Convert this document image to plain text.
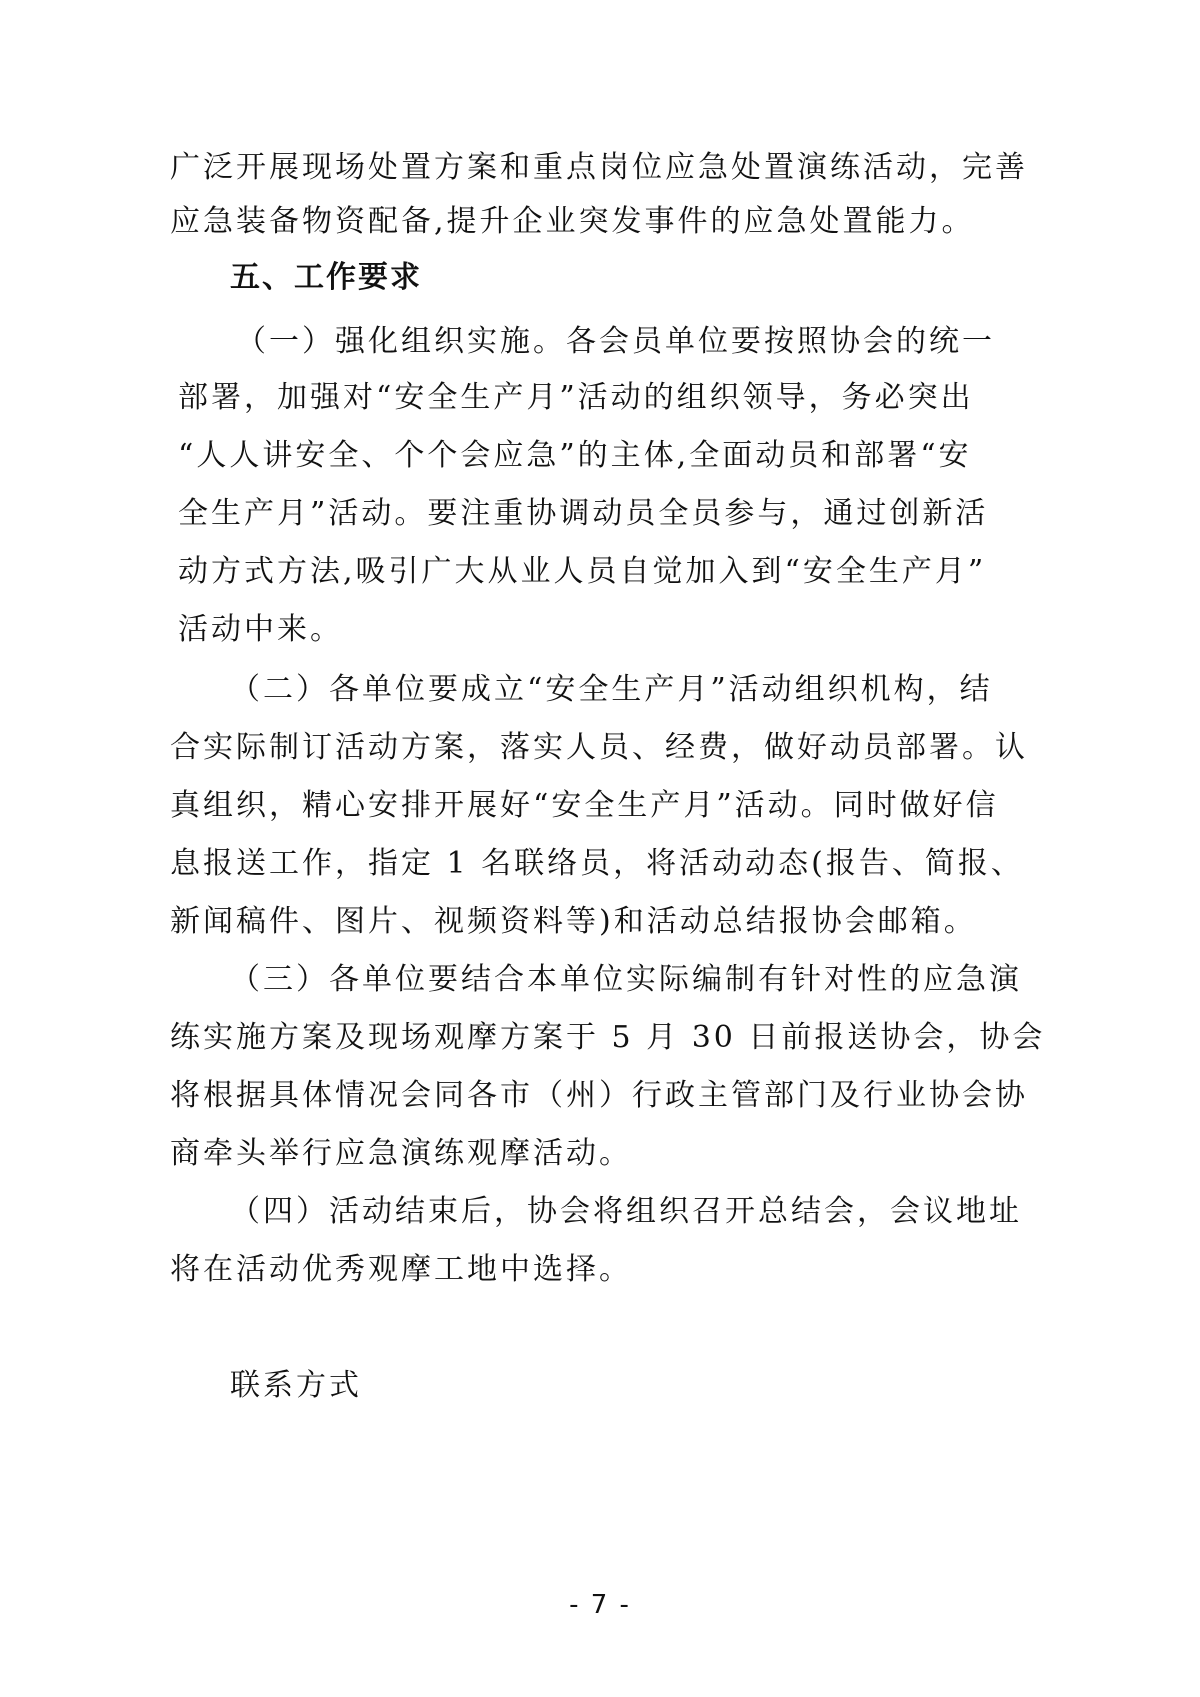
广泛开展现场处置方案和重点岗位应急处置演练活动，完善
应急装备物资配备,提升企业突发事件的应急处置能力。
五、工作要求
（一）强化组织实施。各会员单位要按照协会的统一
部署，加强对“安全生产月”活动的组织领导，务必突出
“人人讲安全、个个会应急”的主体,全面动员和部署“安
全生产月”活动。要注重协调动员全员参与，通过创新活
动方式方法,吸引广大从业人员自觉加入到“安全生产月”
活动中来。
（二）各单位要成立“安全生产月”活动组织机构，结
合实际制订活动方案，落实人员、经费，做好动员部署。认
真组织，精心安排开展好“安全生产月”活动。同时做好信
息报送工作，指定 1 名联络员，将活动动态(报告、简报、
新闻稿件、图片、视频资料等)和活动总结报协会邮箱。
（三）各单位要结合本单位实际编制有针对性的应急演
练实施方案及现场观摩方案于 5 月 30 日前报送协会，协会
将根据具体情况会同各市（州）行政主管部门及行业协会协
商牵头举行应急演练观摩活动。
（四）活动结束后，协会将组织召开总结会，会议地址
将在活动优秀观摩工地中选择。
联系方式
- 7 -
